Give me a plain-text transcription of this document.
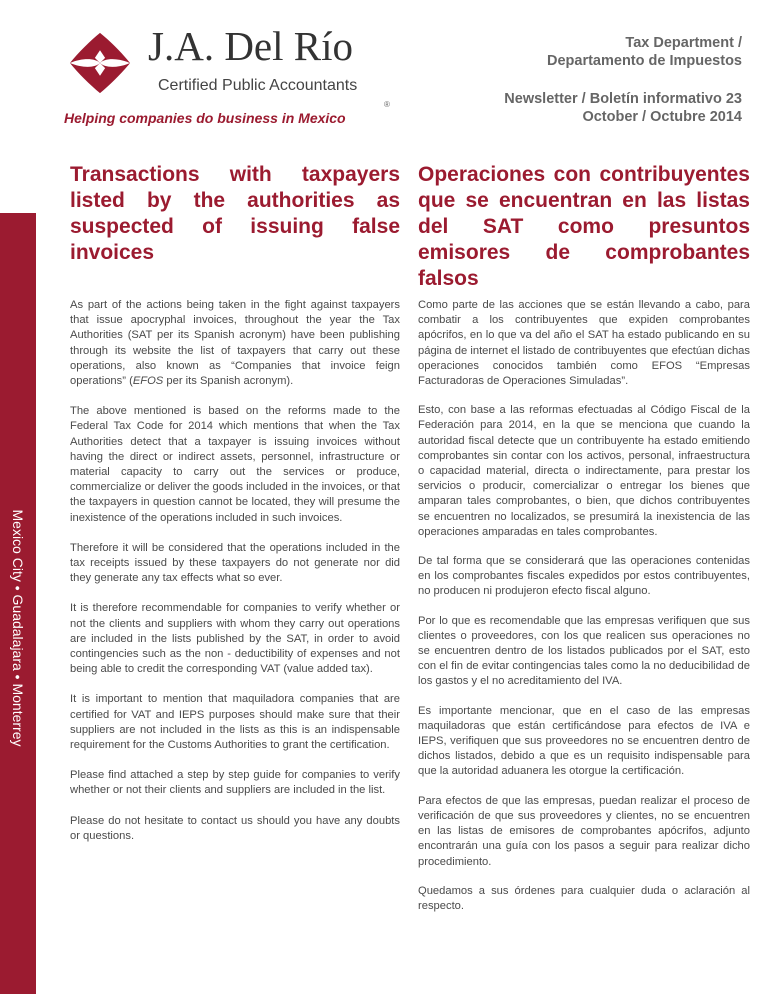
Mexico City • Guadalajara • Monterrey
J.A. Del Río
Certified Public Accountants
®
Helping companies do business in Mexico
Tax Department /
Departamento de Impuestos
Newsletter / Boletín informativo 23
October / Octubre 2014
Transactions with taxpayers listed by the authorities as suspected of issuing false invoices
Operaciones con contribuyentes que se encuentran en las listas del SAT como presuntos emisores de comprobantes falsos

As part of the actions being taken in the fight against taxpayers that issue apocryphal invoices, throughout the year the Tax Authorities (SAT per its Spanish acronym) have been publishing through its website the list of taxpayers that carry out these operations, also known as “Companies that invoice feign operations” (EFOS per its Spanish acronym).

The above mentioned is based on the reforms made to the Federal Tax Code for 2014 which mentions that when the Tax Authorities detect that a taxpayer is issuing invoices without having the direct or indirect assets, personnel, infrastructure or material capacity to carry out the services or produce, commercialize or deliver the goods included in the invoices, or that the taxpayers in question cannot be located, they will presume the inexistence of the operations included in such invoices.

Therefore it will be considered that the operations included in the tax receipts issued by these taxpayers do not generate nor did they generate any tax effects what so ever.

It is therefore recommendable for companies to verify whether or not the clients and suppliers with whom they carry out operations are included in the lists published by the SAT, in order to avoid contingencies such as the non - deductibility of expenses and not being able to credit the corresponding VAT (value added tax).

It is important to mention that maquiladora companies that are certified for VAT and IEPS purposes should make sure that their suppliers are not included in the lists as this is an indispensable requirement for the Customs Authorities to grant the certification.

Please find attached a step by step guide for companies to verify whether or not their clients and suppliers are included in the list.

Please do not hesitate to contact us should you have any doubts or questions.

Como parte de las acciones que se están llevando a cabo, para combatir a los contribuyentes que expiden comprobantes apócrifos, en lo que va del año el SAT ha estado publicando en su página de internet el listado de contribuyentes que efectúan dichas operaciones conocidos también como EFOS “Empresas Facturadoras de Operaciones Simuladas”.

Esto, con base a las reformas efectuadas al Código Fiscal de la Federación para 2014, en la que se menciona que cuando la autoridad fiscal detecte que un contribuyente ha estado emitiendo comprobantes sin contar con los activos, personal, infraestructura o capacidad material, directa o indirectamente, para prestar los servicios o producir, comercializar o entregar los bienes que amparan tales comprobantes, o bien, que dichos contribuyentes se encuentren no localizados, se presumirá la inexistencia de las operaciones amparadas en tales comprobantes.

De tal forma que se considerará que las operaciones contenidas en los comprobantes fiscales expedidos por estos contribuyentes, no producen ni produjeron efecto fiscal alguno.

Por lo que es recomendable que las empresas verifiquen que sus clientes o proveedores, con los que realicen sus operaciones no se encuentren dentro de los listados publicados por el SAT, esto con el fin de evitar contingencias tales como la no deducibilidad de los gastos y el no acreditamiento del IVA.

Es importante mencionar, que en el caso de las empresas maquiladoras que están certificándose para efectos de IVA e IEPS, verifiquen que sus proveedores no se encuentren dentro de dichos listados, debido a que es un requisito indispensable para que la autoridad aduanera les otorgue la certificación.

Para efectos de que las empresas, puedan realizar el proceso de verificación de que sus proveedores y clientes, no se encuentren en las listas de emisores de comprobantes apócrifos, adjunto encontrarán una guía con los pasos a seguir para realizar dicho procedimiento.

Quedamos a sus órdenes para cualquier duda o aclaración al respecto.
